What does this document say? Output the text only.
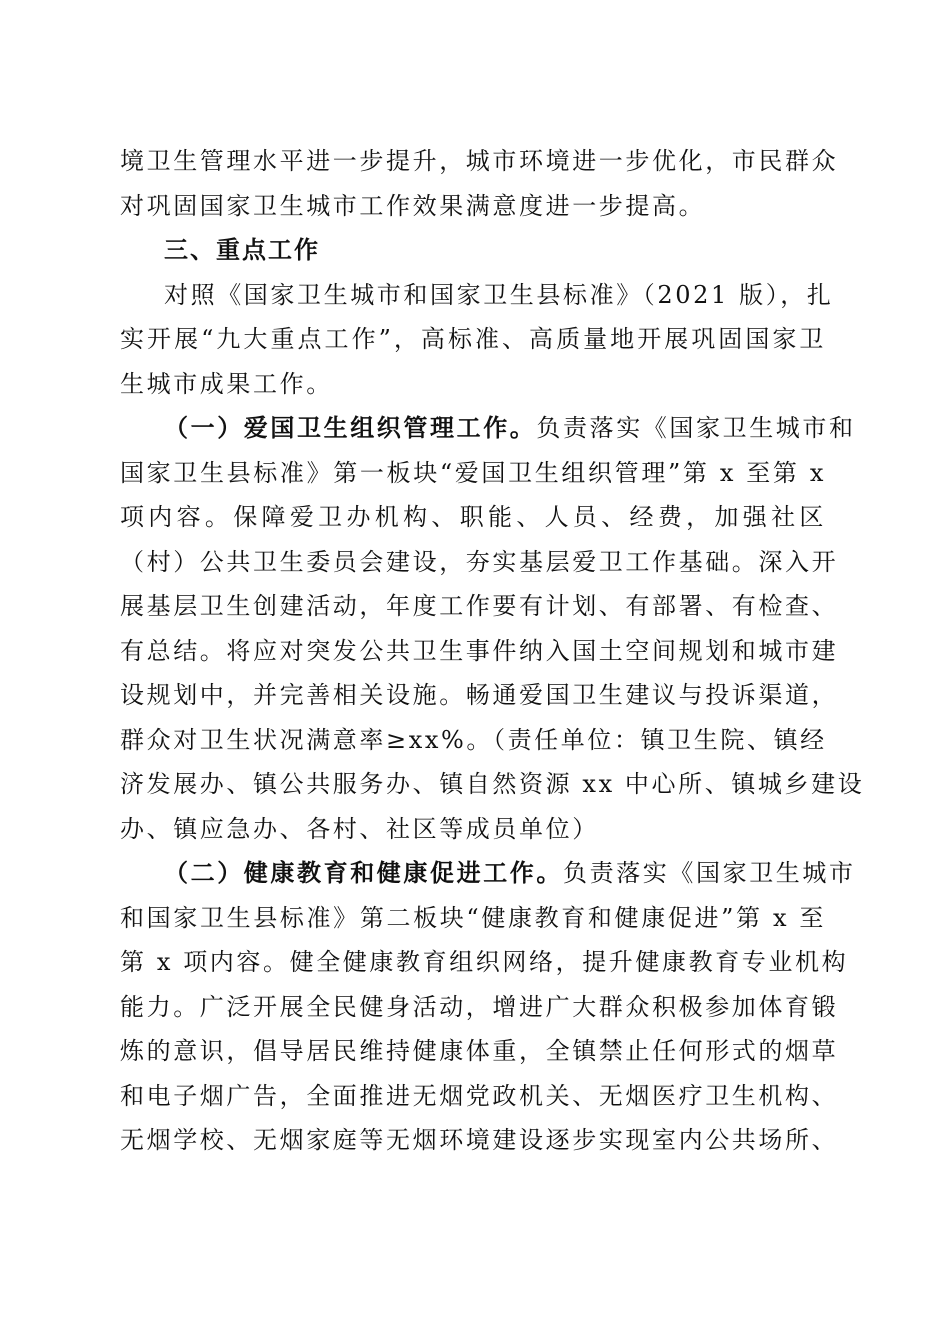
境卫生管理水平进一步提升，城市环境进一步优化，市民群众
对巩固国家卫生城市工作效果满意度进一步提高。
三、重点工作
对照《国家卫生城市和国家卫生县标准》（2021 版），扎
实开展“九大重点工作”，高标准、高质量地开展巩固国家卫
生城市成果工作。
（一）爱国卫生组织管理工作。负责落实《国家卫生城市和
国家卫生县标准》第一板块“爱国卫生组织管理”第 x 至第 x
项内容。保障爱卫办机构、职能、人员、经费，加强社区
（村）公共卫生委员会建设，夯实基层爱卫工作基础。深入开
展基层卫生创建活动，年度工作要有计划、有部署、有检查、
有总结。将应对突发公共卫生事件纳入国土空间规划和城市建
设规划中，并完善相关设施。畅通爱国卫生建议与投诉渠道，
群众对卫生状况满意率≥xx%。（责任单位：镇卫生院、镇经
济发展办、镇公共服务办、镇自然资源 xx 中心所、镇城乡建设
办、镇应急办、各村、社区等成员单位）
（二）健康教育和健康促进工作。负责落实《国家卫生城市
和国家卫生县标准》第二板块“健康教育和健康促进”第 x 至
第 x 项内容。健全健康教育组织网络，提升健康教育专业机构
能力。广泛开展全民健身活动，增进广大群众积极参加体育锻
炼的意识，倡导居民维持健康体重，全镇禁止任何形式的烟草
和电子烟广告，全面推进无烟党政机关、无烟医疗卫生机构、
无烟学校、无烟家庭等无烟环境建设逐步实现室内公共场所、
